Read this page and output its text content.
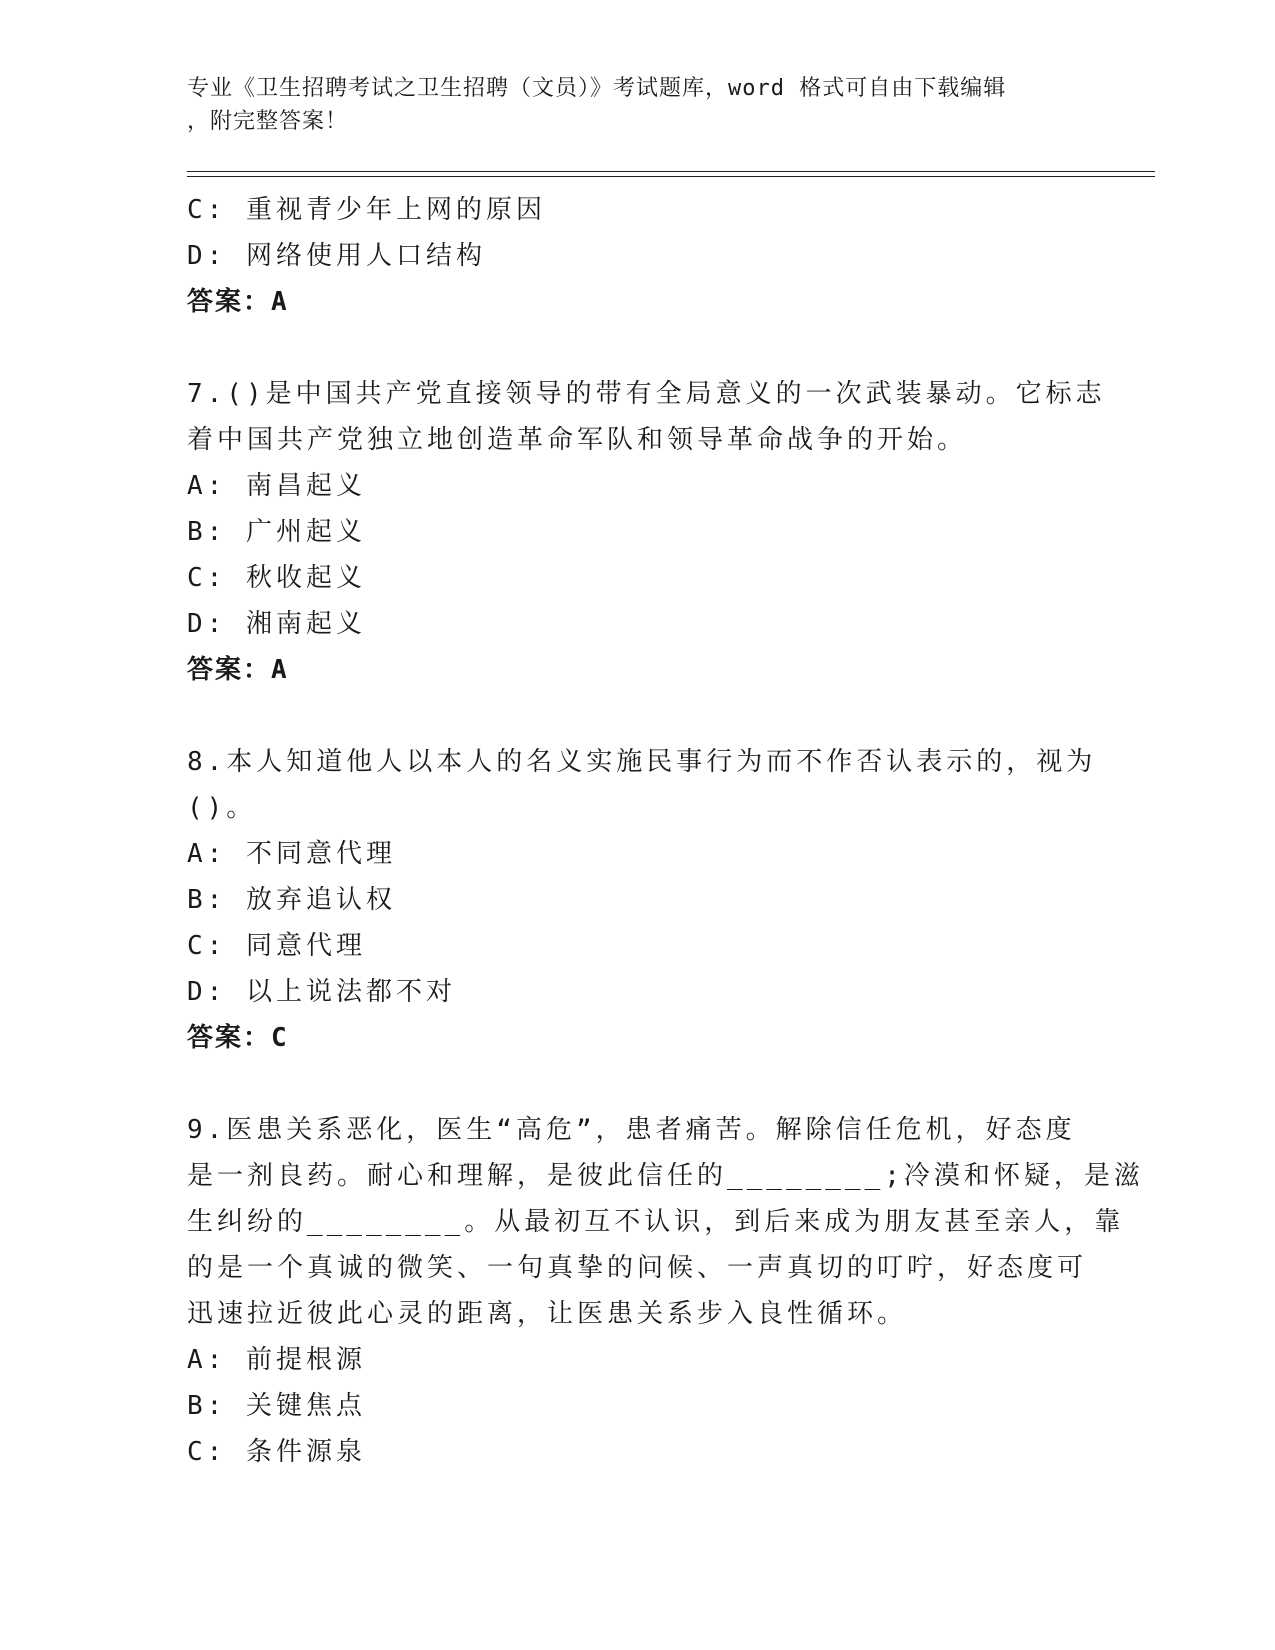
专业《卫生招聘考试之卫生招聘（文员）》考试题库，word 格式可自由下载编辑
，附完整答案！
C: 重视青少年上网的原因
D: 网络使用人口结构
答案：A
7.()是中国共产党直接领导的带有全局意义的一次武装暴动。它标志
着中国共产党独立地创造革命军队和领导革命战争的开始。
A: 南昌起义
B: 广州起义
C: 秋收起义
D: 湘南起义
答案：A
8.本人知道他人以本人的名义实施民事行为而不作否认表示的，视为
()。
A: 不同意代理
B: 放弃追认权
C: 同意代理
D: 以上说法都不对
答案：C
9.医患关系恶化，医生“高危”，患者痛苦。解除信任危机，好态度
是一剂良药。耐心和理解，是彼此信任的________;冷漠和怀疑，是滋
生纠纷的________。从最初互不认识，到后来成为朋友甚至亲人，靠
的是一个真诚的微笑、一句真挚的问候、一声真切的叮咛，好态度可
迅速拉近彼此心灵的距离，让医患关系步入良性循环。
A: 前提根源
B: 关键焦点
C: 条件源泉
